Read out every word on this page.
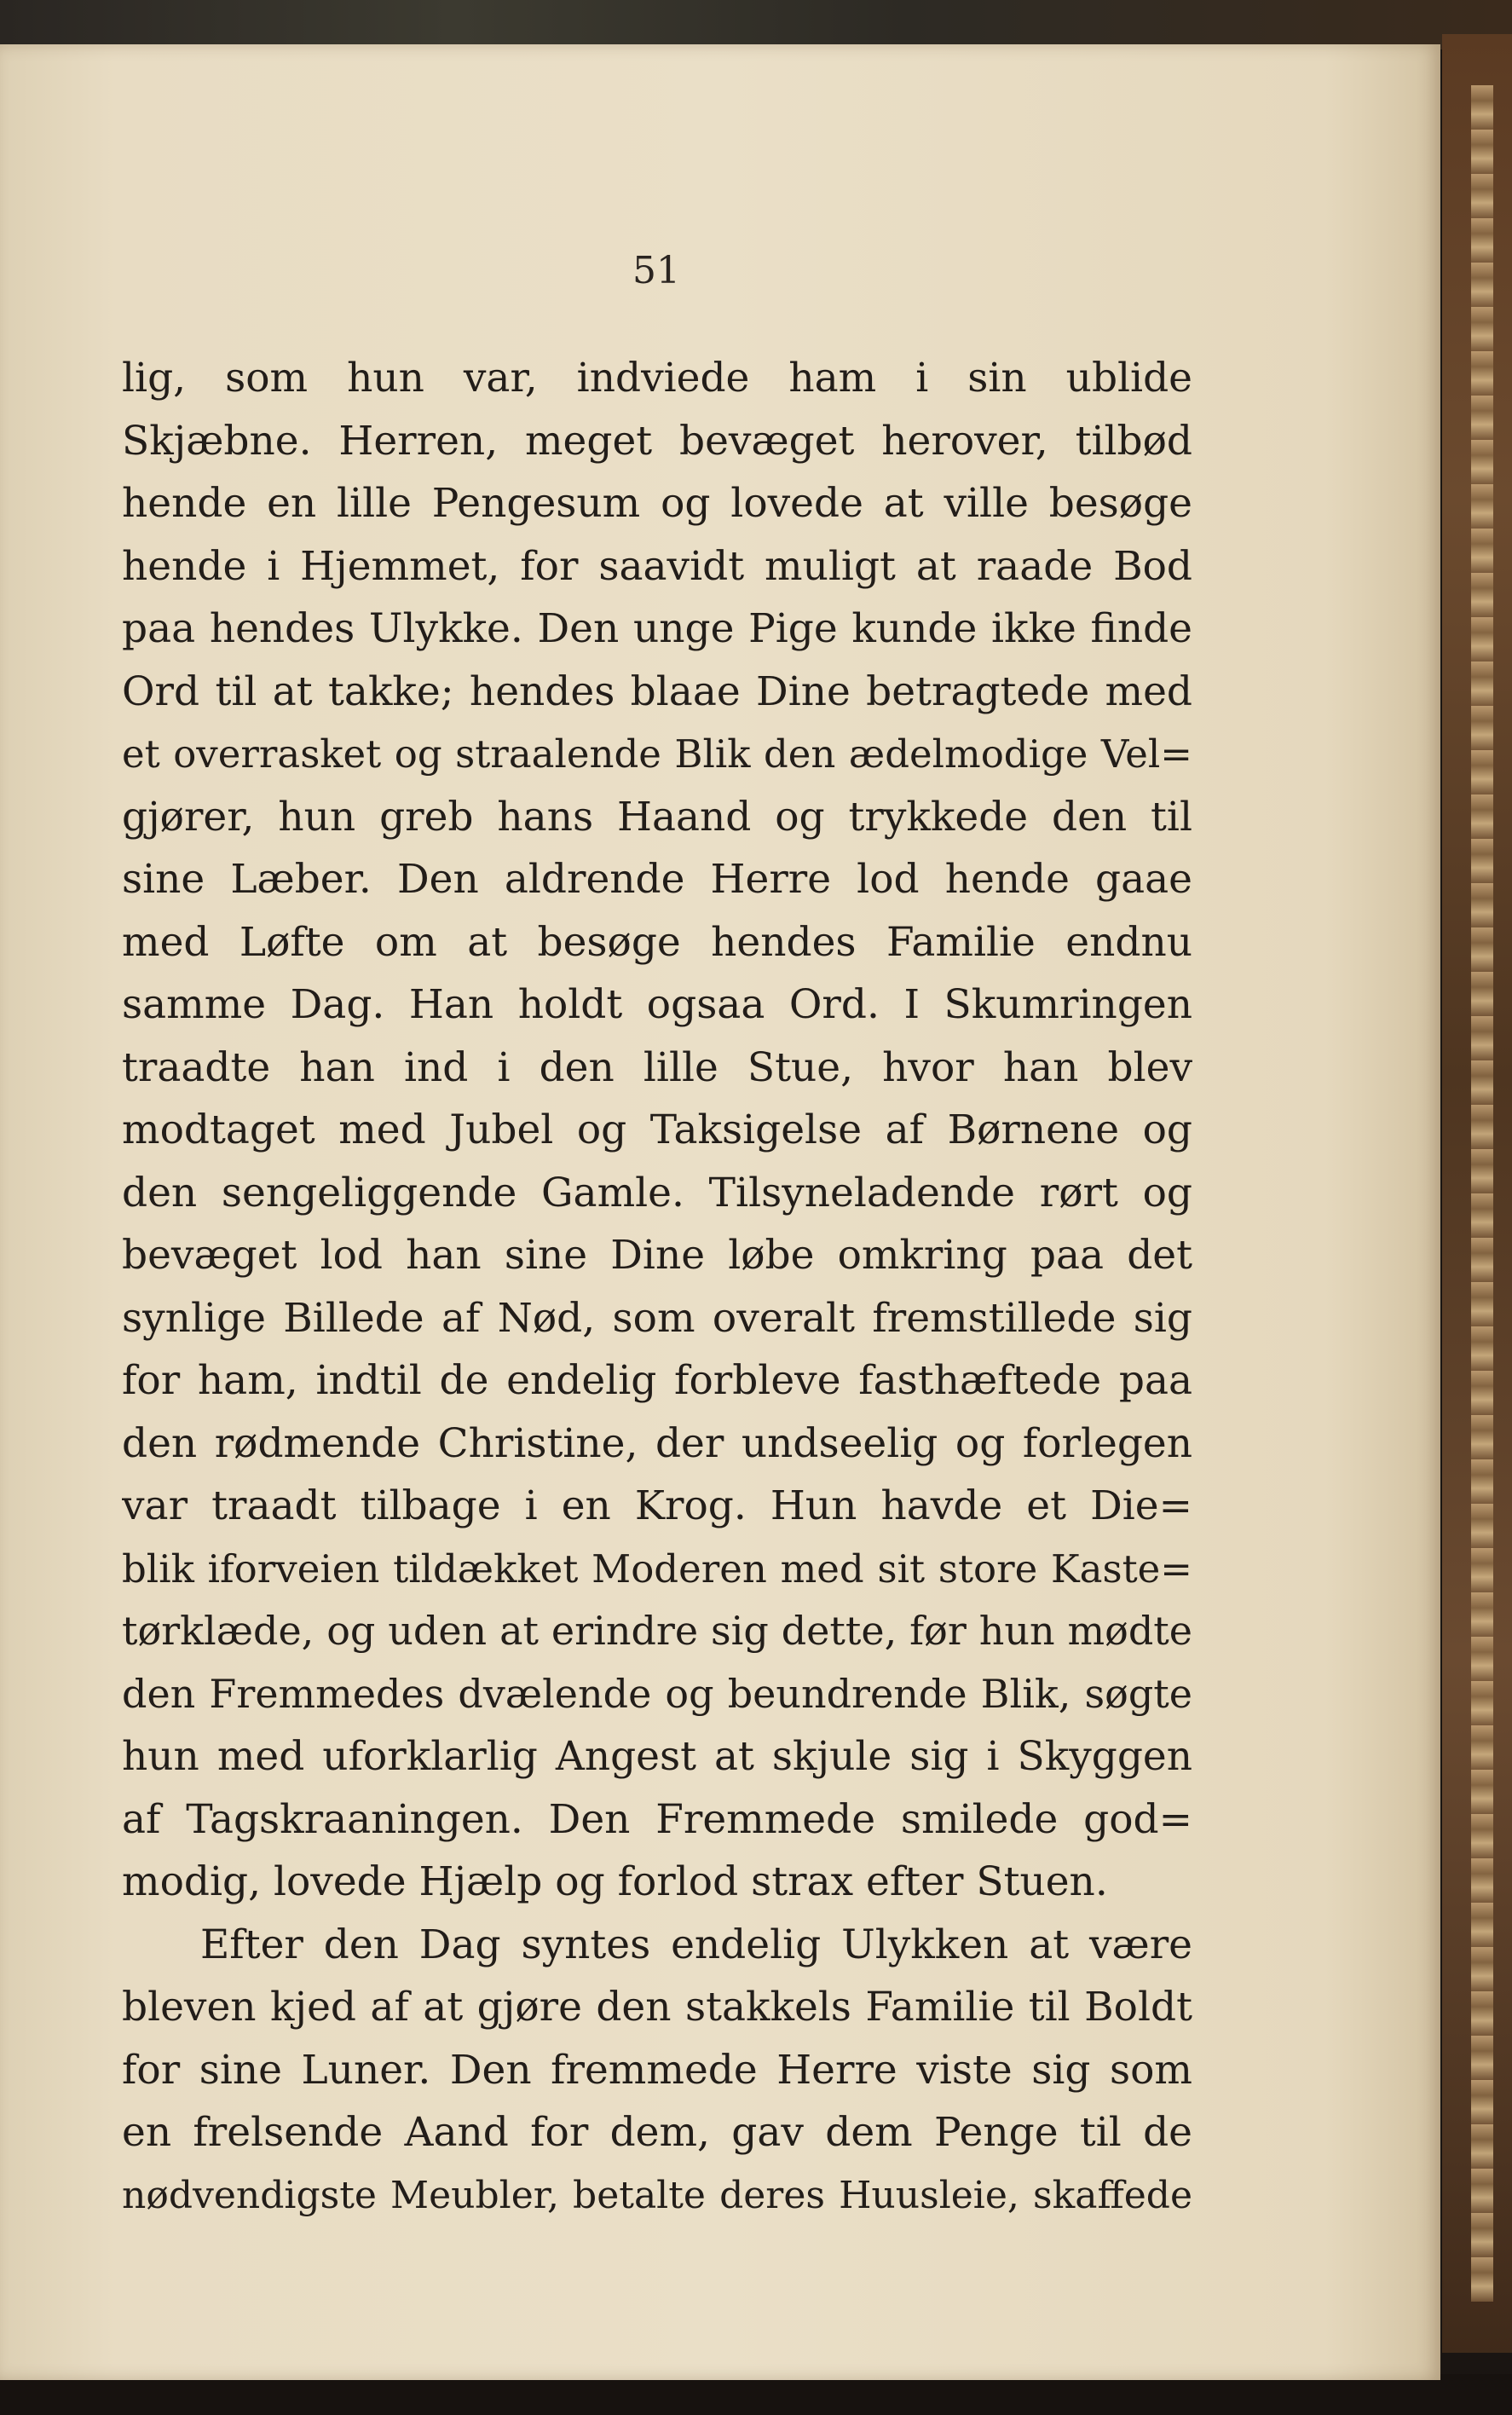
51
lig, som hun var, indviede ham i sin ublide
Skjæbne. Herren, meget bevæget herover, tilbød
hende en lille Pengesum og lovede at ville besøge
hende i Hjemmet, for saavidt muligt at raade Bod
paa hendes Ulykke. Den unge Pige kunde ikke finde
Ord til at takke; hendes blaae Dine betragtede med
et overrasket og straalende Blik den ædelmodige Vel=
gjører, hun greb hans Haand og trykkede den til
sine Læber. Den aldrende Herre lod hende gaae
med Løfte om at besøge hendes Familie endnu
samme Dag. Han holdt ogsaa Ord. I Skumringen
traadte han ind i den lille Stue, hvor han blev
modtaget med Jubel og Taksigelse af Børnene og
den sengeliggende Gamle. Tilsyneladende rørt og
bevæget lod han sine Dine løbe omkring paa det
synlige Billede af Nød, som overalt fremstillede sig
for ham, indtil de endelig forbleve fasthæftede paa
den rødmende Christine, der undseelig og forlegen
var traadt tilbage i en Krog. Hun havde et Die=
blik iforveien tildækket Moderen med sit store Kaste=
tørklæde, og uden at erindre sig dette, før hun mødte
den Fremmedes dvælende og beundrende Blik, søgte
hun med uforklarlig Angest at skjule sig i Skyggen
af Tagskraaningen. Den Fremmede smilede god=
modig, lovede Hjælp og forlod strax efter Stuen.
Efter den Dag syntes endelig Ulykken at være
bleven kjed af at gjøre den stakkels Familie til Boldt
for sine Luner. Den fremmede Herre viste sig som
en frelsende Aand for dem, gav dem Penge til de
nødvendigste Meubler, betalte deres Huusleie, skaffede
